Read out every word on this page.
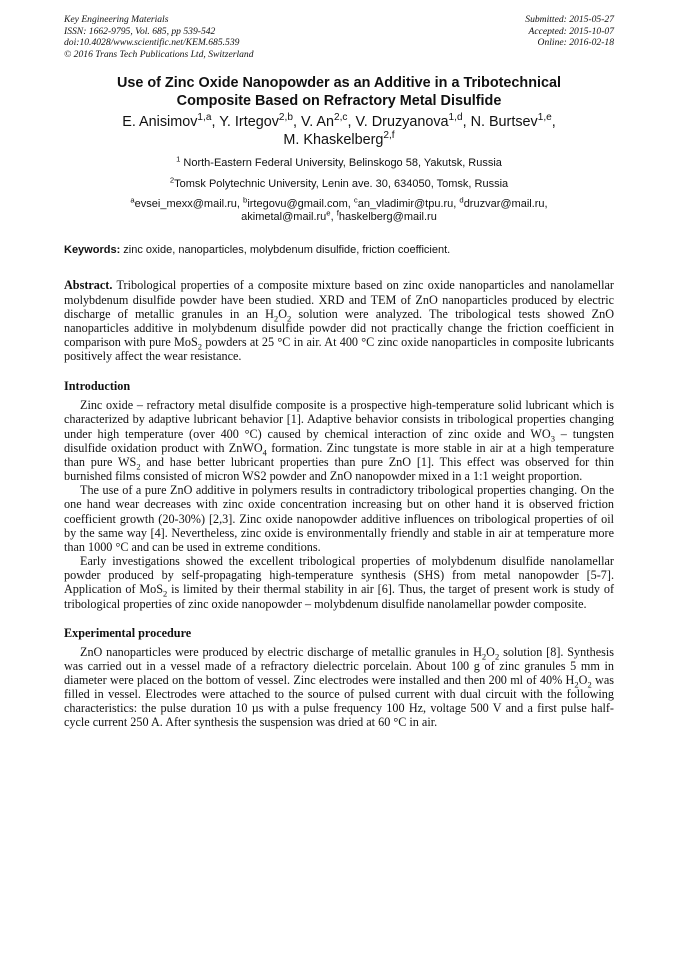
Key Engineering Materials
ISSN: 1662-9795, Vol. 685, pp 539-542
doi:10.4028/www.scientific.net/KEM.685.539
© 2016 Trans Tech Publications Ltd, Switzerland
Submitted: 2015-05-27
Accepted: 2015-10-07
Online: 2016-02-18
Use of Zinc Oxide Nanopowder as an Additive in a Tribotechnical
Composite Based on Refractory Metal Disulfide
E. Anisimov$^{1,a}$, Y. Irtegov$^{2,b}$, V. An$^{2,c}$, V. Druzyanova$^{1,d}$, N. Burtsev$^{1,e}$,
M. Khaskelberg$^{2,f}$
$^1$ North-Eastern Federal University, Belinskogo 58, Yakutsk, Russia
$^2$Tomsk Polytechnic University, Lenin ave. 30, 634050, Tomsk, Russia
$^a$evsei_mexx@mail.ru, $^b$irtegovu@gmail.com, $^c$an_vladimir@tpu.ru, $^d$druzvar@mail.ru,
$akimetal@mail.ru^e$, $^f$haskelberg@mail.ru
Keywords: zinc oxide, nanoparticles, molybdenum disulfide, friction coefficient.

Abstract. Tribological properties of a composite mixture based on zinc oxide nanoparticles and nanolamellar molybdenum disulfide powder have been studied. XRD and TEM of ZnO nanoparticles produced by electric discharge of metallic granules in an $H_2O_2$ solution were analyzed. The tribological tests showed ZnO nanoparticles additive in molybdenum disulfide powder did not practically change the friction coefficient in comparison with pure MoS$_2$ powders at 25 °C in air. At 400 °C zinc oxide nanoparticles in composite lubricants positively affect the wear resistance.

Introduction

Zinc oxide – refractory metal disulfide composite is a prospective high-temperature solid lubricant which is characterized by adaptive lubricant behavior [1]. Adaptive behavior consists in tribological properties changing under high temperature (over 400 °C) caused by chemical interaction of zinc oxide and $WO_3$ – tungsten disulfide oxidation product with ZnWO$_4$ formation. Zinc tungstate is more stable in air at a high temperature than pure $WS_2$ and hase better lubricant properties than pure ZnO [1]. This effect was observed for thin burnished films consisted of micron WS2 powder and ZnO nanopowder mixed in a 1:1 weight proportion.

The use of a pure ZnO additive in polymers results in contradictory tribological properties changing. On the one hand wear decreases with zinc oxide concentration increasing but on other hand it is observed friction coefficient growth (20-30%) [2,3]. Zinc oxide nanopowder additive influences on tribological properties of oil by the same way [4]. Nevertheless, zinc oxide is environmentally friendly and stable in air at temperature more than 1000 °C and can be used in extreme conditions.

Early investigations showed the excellent tribological properties of molybdenum disulfide nanolamellar powder produced by self-propagating high-temperature synthesis (SHS) from metal nanopowder [5-7]. Application of MoS$_2$ is limited by their thermal stability in air [6]. Thus, the target of present work is study of tribological properties of zinc oxide nanopowder – molybdenum disulfide nanolamellar powder composite.

Experimental procedure

ZnO nanoparticles were produced by electric discharge of metallic granules in $H_2O_2$ solution [8]. Synthesis was carried out in a vessel made of a refractory dielectric porcelain. About 100 g of zinc granules 5 mm in diameter were placed on the bottom of vessel. Zinc electrodes were installed and then 200 ml of 40% $H_2O_2$ was filled in vessel. Electrodes were attached to the source of pulsed current with dual circuit with the following characteristics: the pulse duration 10 µs with a pulse frequency 100 Hz, voltage 500 V and a first pulse half-cycle current 250 A. After synthesis the suspension was dried at 60 °C in air.
